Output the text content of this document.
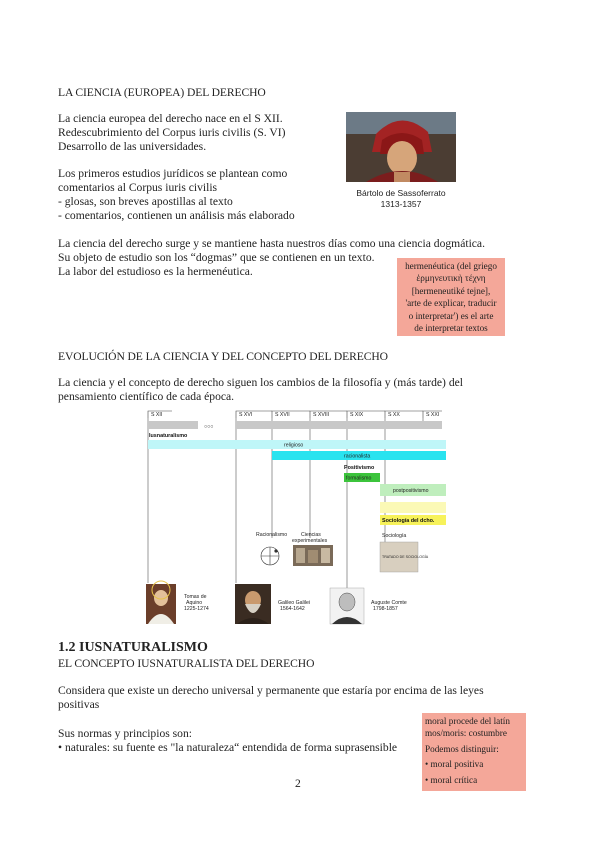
LA CIENCIA (EUROPEA) DEL DERECHO
La ciencia europea del derecho nace en el S XII.
Redescubrimiento del Corpus iuris civilis (S. VI)
Desarrollo de las universidades.
Los primeros estudios jurídicos se plantean como
comentarios al Corpus iuris civilis
- glosas, son breves apostillas al texto
- comentarios, contienen un análisis más elaborado
Bártolo de Sassoferrato
1313-1357
La ciencia del derecho surge y se mantiene hasta nuestros días como una ciencia dogmática.
Su objeto de estudio son los “dogmas” que se contienen en un texto.
La labor del estudioso es la hermenéutica.	hermenéutica (del griego
ἑρμηνευτικὴ τέχνη
[hermeneutiké tejne],
'arte de explicar, traducir
o interpretar') es el arte
de interpretar textos
EVOLUCIÓN DE LA CIENCIA Y DEL CONCEPTO DEL DERECHO
La ciencia y el concepto de derecho siguen los cambios de la filosofía y (más tarde) del
pensamiento científico de cada época.
S XII	S XVI	S XVII	S XVIII	S XIX	S XX	S XXI
○○○
Iusnaturalismo
religioso
racionalista
Positivismo
formalismo
postpositivismo
Sociología del dcho.
Sociología
Racionalismo	Ciencias
experimentales
TRATADO DE SOCIOLOGÍA
Tomas de
Aquino
1225-1274
Galileo Galilei
1564-1642
Auguste Comte
1798-1857
1.2 IUSNATURALISMO
EL CONCEPTO IUSNATURALISTA DEL DERECHO
Considera que existe un derecho universal y permanente que estaría por encima de las leyes
positivas
Sus normas y principios son:
• naturales: su fuente es "la naturaleza“ entendida de forma suprasensible
moral procede del latín
mos/moris: costumbre
Podemos distinguir:
• moral positiva
• moral crítica
2
